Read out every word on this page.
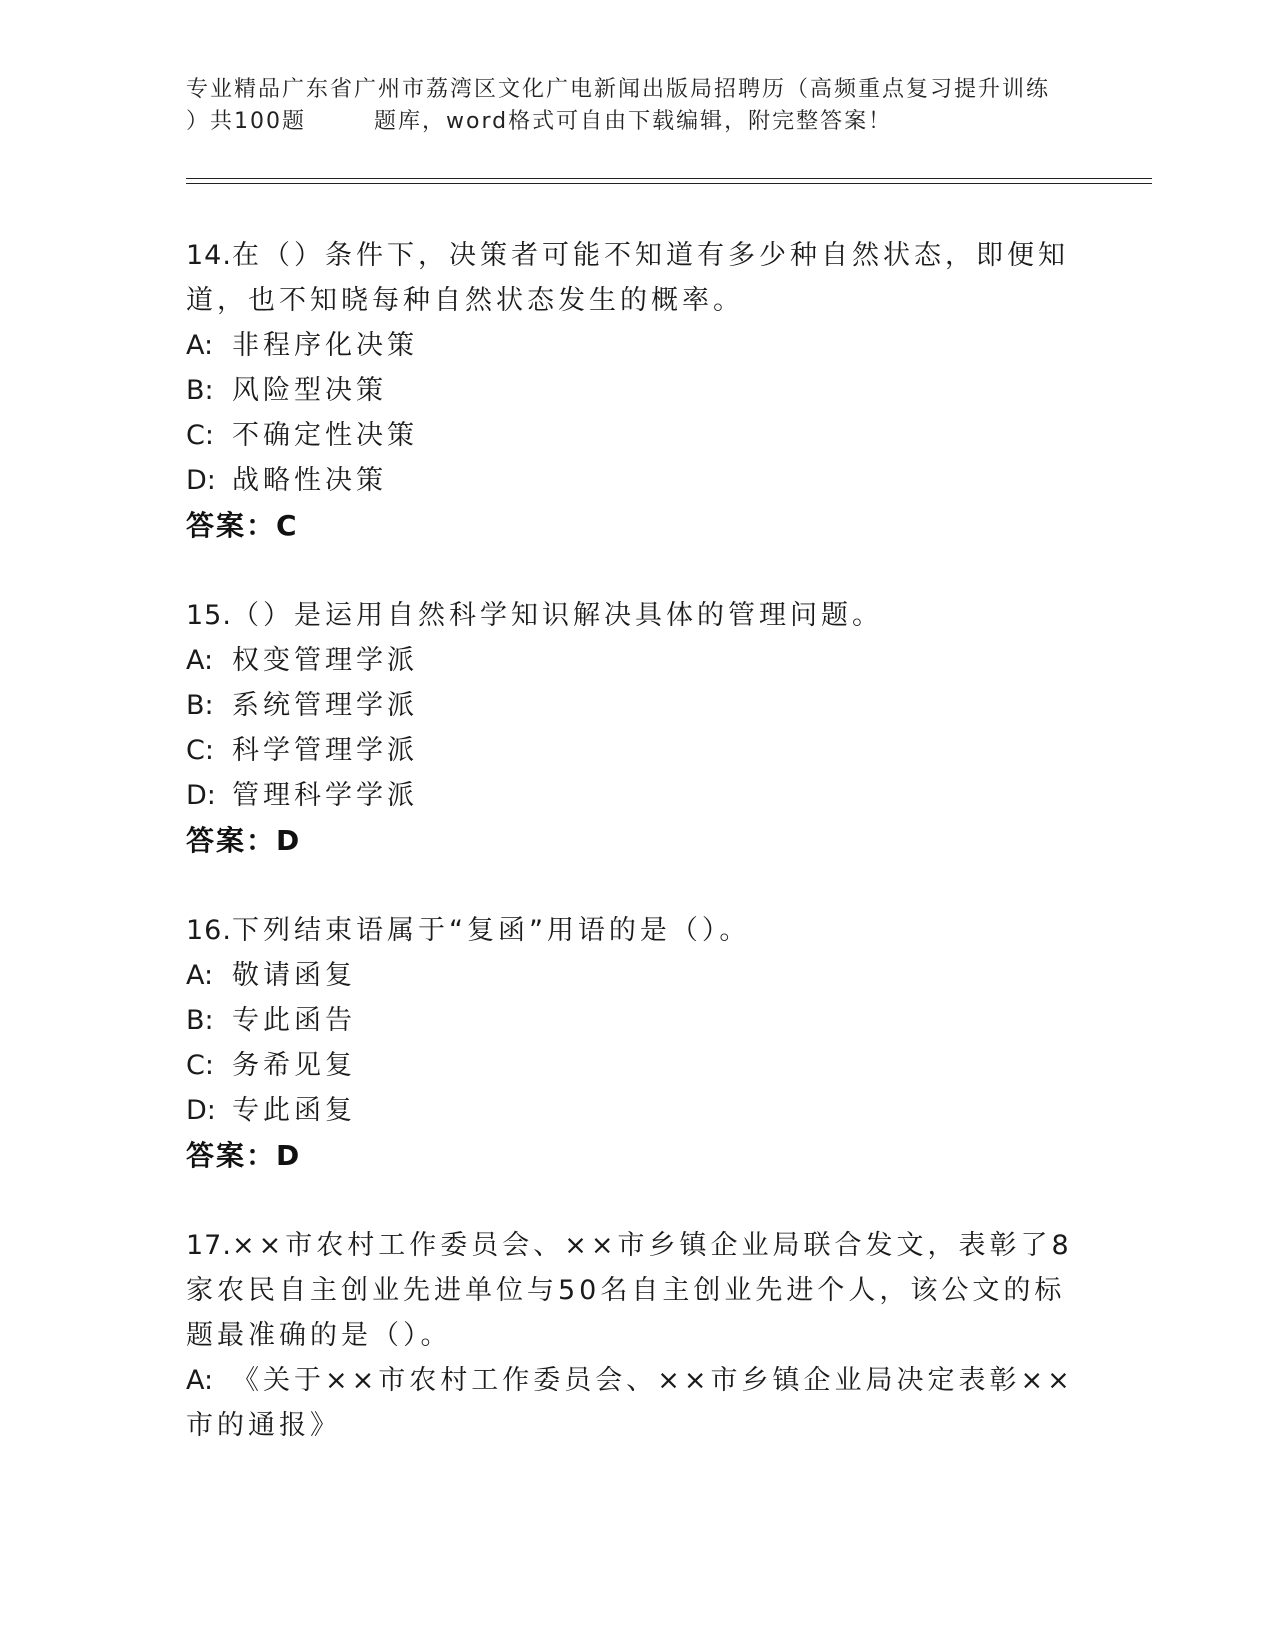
专业精品广东省广州市荔湾区文化广电新闻出版局招聘历（高频重点复习提升训练
）共100题	题库，word格式可自由下载编辑，附完整答案！

14.在（）条件下，决策者可能不知道有多少种自然状态，即便知道，也不知晓每种自然状态发生的概率。

A: 非程序化决策

B: 风险型决策

C: 不确定性决策

D: 战略性决策

答案：C

15.（）是运用自然科学知识解决具体的管理问题。

A: 权变管理学派

B: 系统管理学派

C: 科学管理学派

D: 管理科学学派

答案：D

16.下列结束语属于“复函”用语的是（）。

A: 敬请函复

B: 专此函告

C: 务希见复

D: 专此函复

答案：D

17.××市农村工作委员会、××市乡镇企业局联合发文，表彰了8家农民自主创业先进单位与50名自主创业先进个人，该公文的标题最准确的是（）。

A: 《关于××市农村工作委员会、××市乡镇企业局决定表彰××市的通报》
